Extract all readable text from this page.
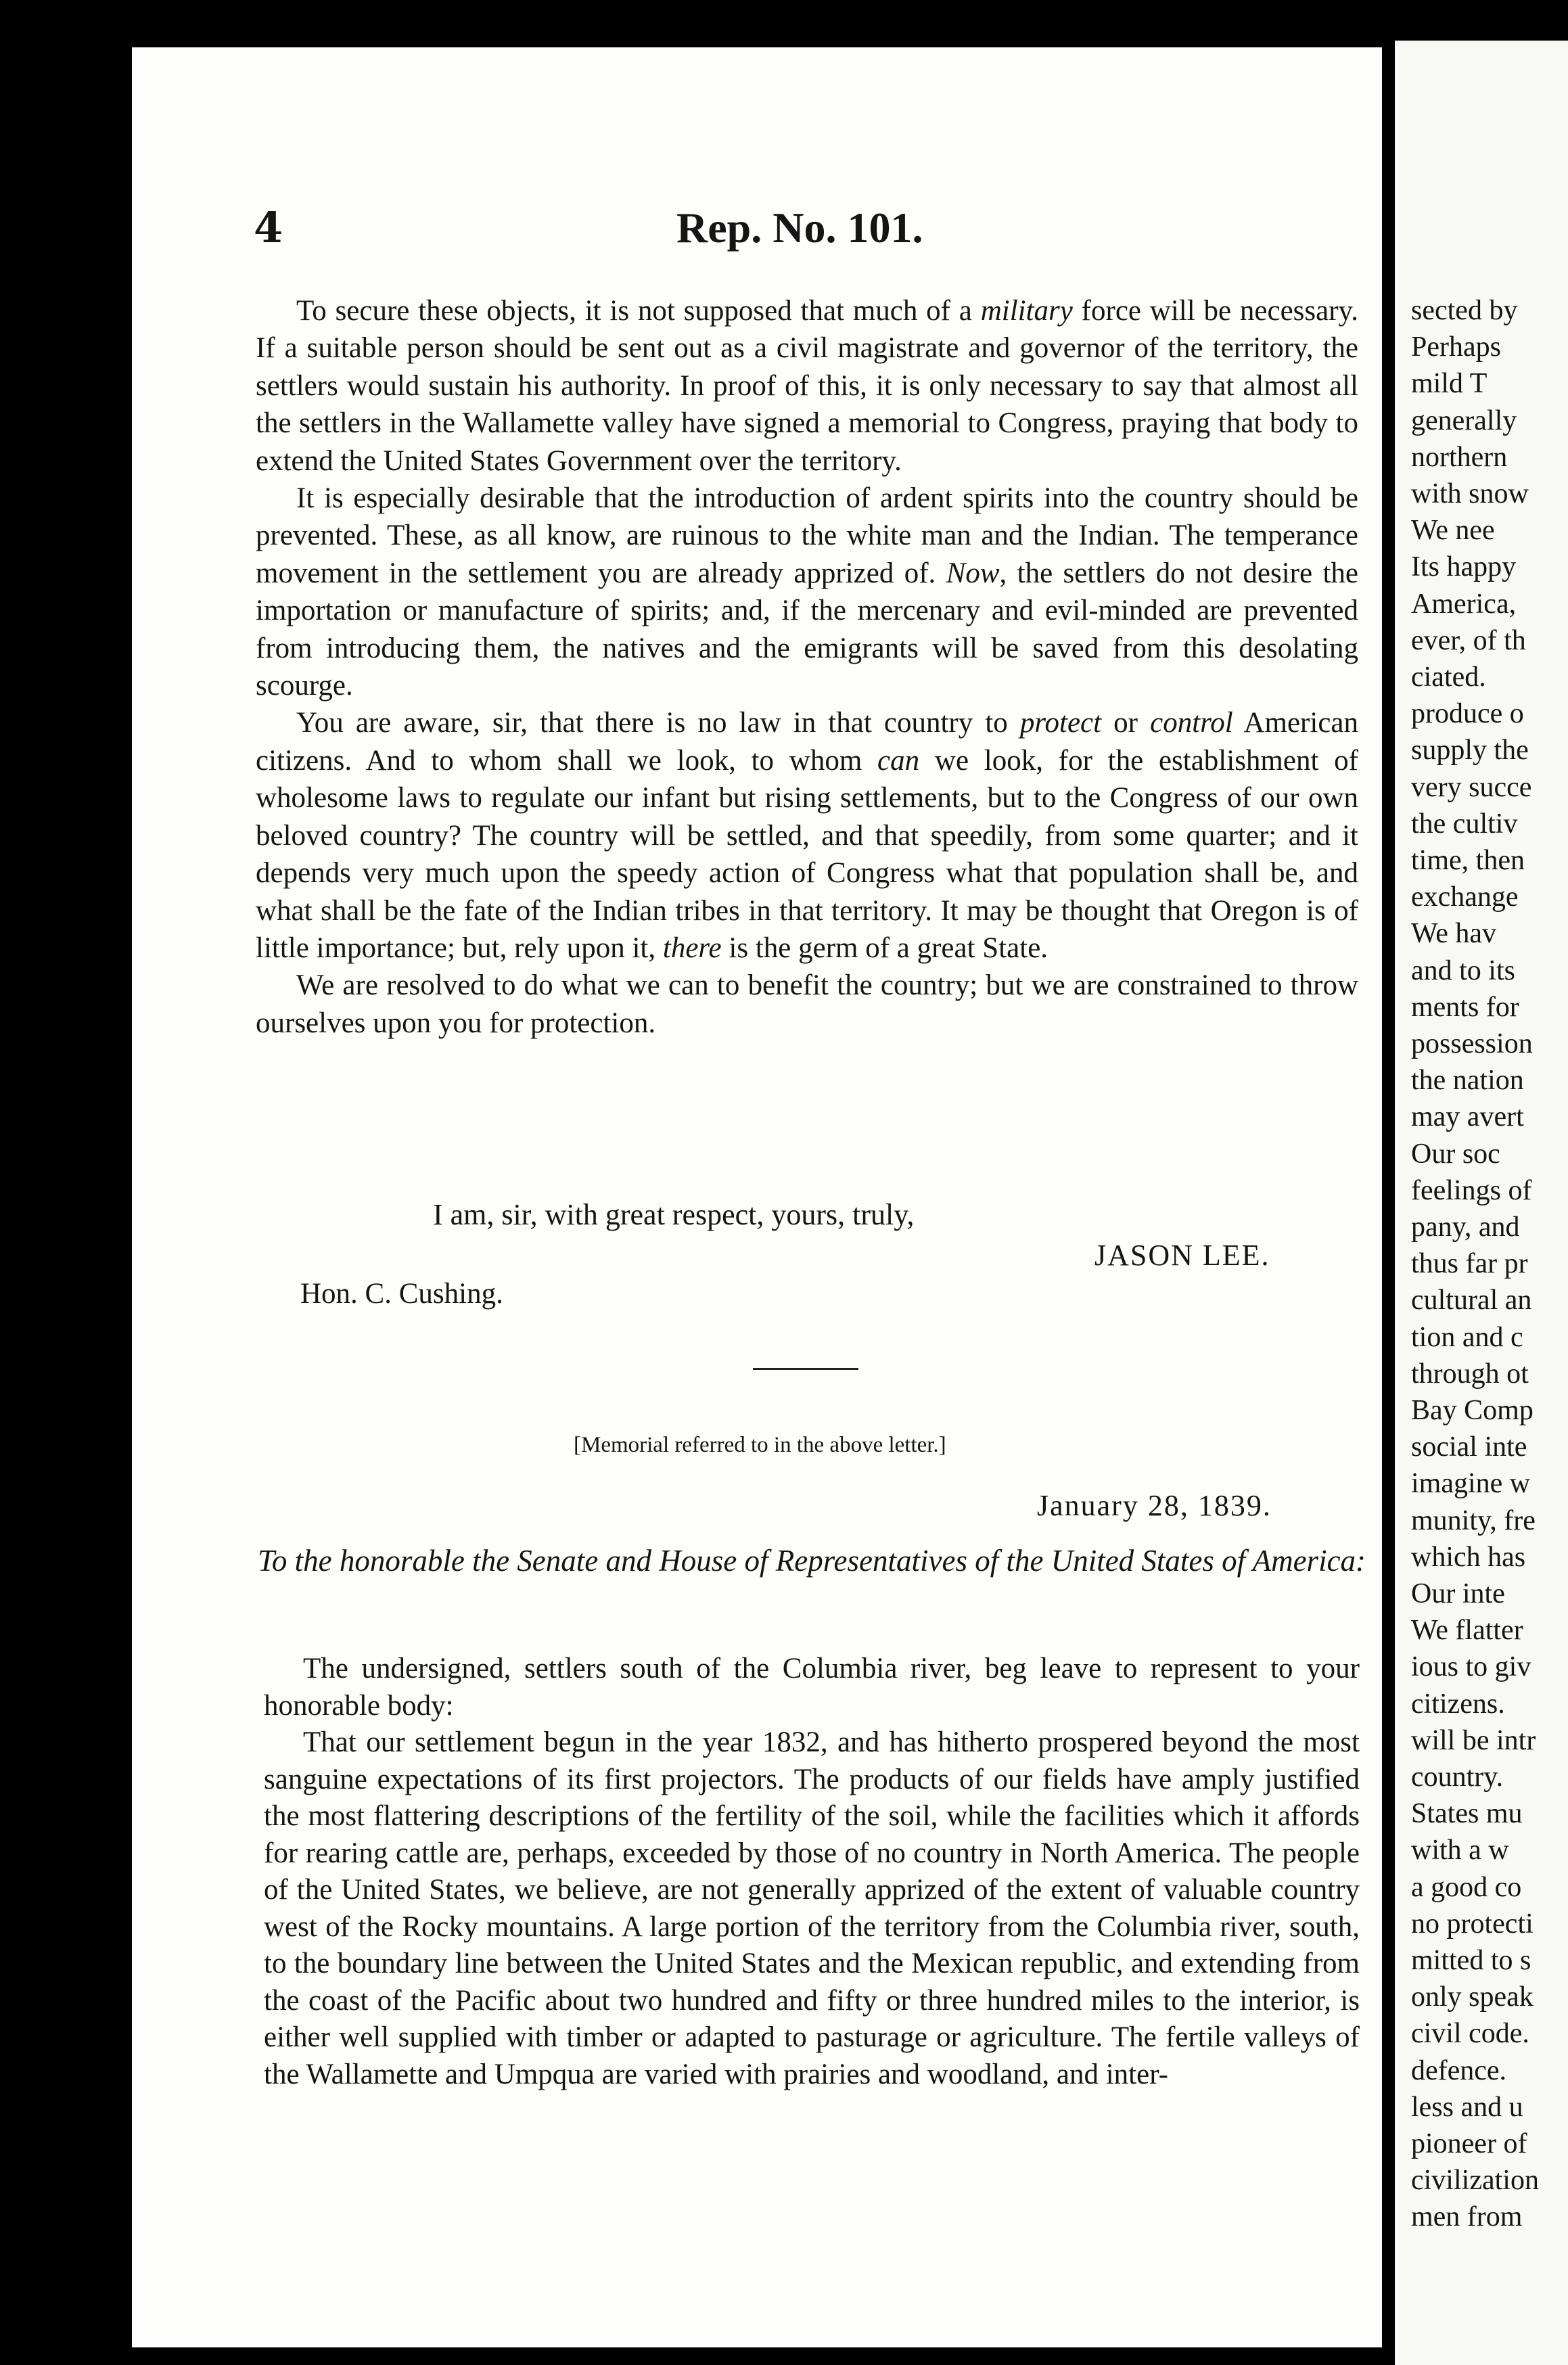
4	Rep. No. 101.

To secure these objects, it is not supposed that much of a military force will be necessary. If a suitable person should be sent out as a civil magistrate and governor of the territory, the settlers would sustain his authority. In proof of this, it is only necessary to say that almost all the settlers in the Wallamette valley have signed a memorial to Congress, praying that body to extend the United States Government over the territory.

It is especially desirable that the introduction of ardent spirits into the country should be prevented. These, as all know, are ruinous to the white man and the Indian. The temperance movement in the settlement you are already apprized of. Now, the settlers do not desire the importation or manufacture of spirits; and, if the mercenary and evil-minded are prevented from introducing them, the natives and the emigrants will be saved from this desolating scourge.

You are aware, sir, that there is no law in that country to protect or control American citizens. And to whom shall we look, to whom can we look, for the establishment of wholesome laws to regulate our infant but rising settlements, but to the Congress of our own beloved country? The country will be settled, and that speedily, from some quarter; and it depends very much upon the speedy action of Congress what that population shall be, and what shall be the fate of the Indian tribes in that territory. It may be thought that Oregon is of little importance; but, rely upon it, there is the germ of a great State.

We are resolved to do what we can to benefit the country; but we are constrained to throw ourselves upon you for protection.

I am, sir, with great respect, yours, truly,
JASON LEE.
Hon. C. Cushing.
[Memorial referred to in the above letter.]
January 28, 1839.
To the honorable the Senate and House of Representatives of the United States of America:

The undersigned, settlers south of the Columbia river, beg leave to represent to your honorable body:

That our settlement begun in the year 1832, and has hitherto prospered beyond the most sanguine expectations of its first projectors. The products of our fields have amply justified the most flattering descriptions of the fertility of the soil, while the facilities which it affords for rearing cattle are, perhaps, exceeded by those of no country in North America. The people of the United States, we believe, are not generally apprized of the extent of valuable country west of the Rocky mountains. A large portion of the territory from the Columbia river, south, to the boundary line between the United States and the Mexican republic, and extending from the coast of the Pacific about two hundred and fifty or three hundred miles to the interior, is either well supplied with timber or adapted to pasturage or agriculture. The fertile valleys of the Wallamette and Umpqua are varied with prairies and woodland, and inter-

sected by
Perhaps
mild T
generally
northern
with snow
We nee
Its happy
America,
ever, of th
ciated.
produce o
supply the
very succe
the cultiv
time, then
exchange
We hav
and to its
ments for
possession
the nation
may avert
Our soc
feelings of
pany, and
thus far pr
cultural an
tion and c
through ot
Bay Comp
social inte
imagine w
munity, fre
which has
Our inte
We flatter
ious to giv
citizens.
will be intr
country.
States mu
with a w
a good co
no protecti
mitted to s
only speak
civil code.
defence.
less and u
pioneer of
civilization
men from
